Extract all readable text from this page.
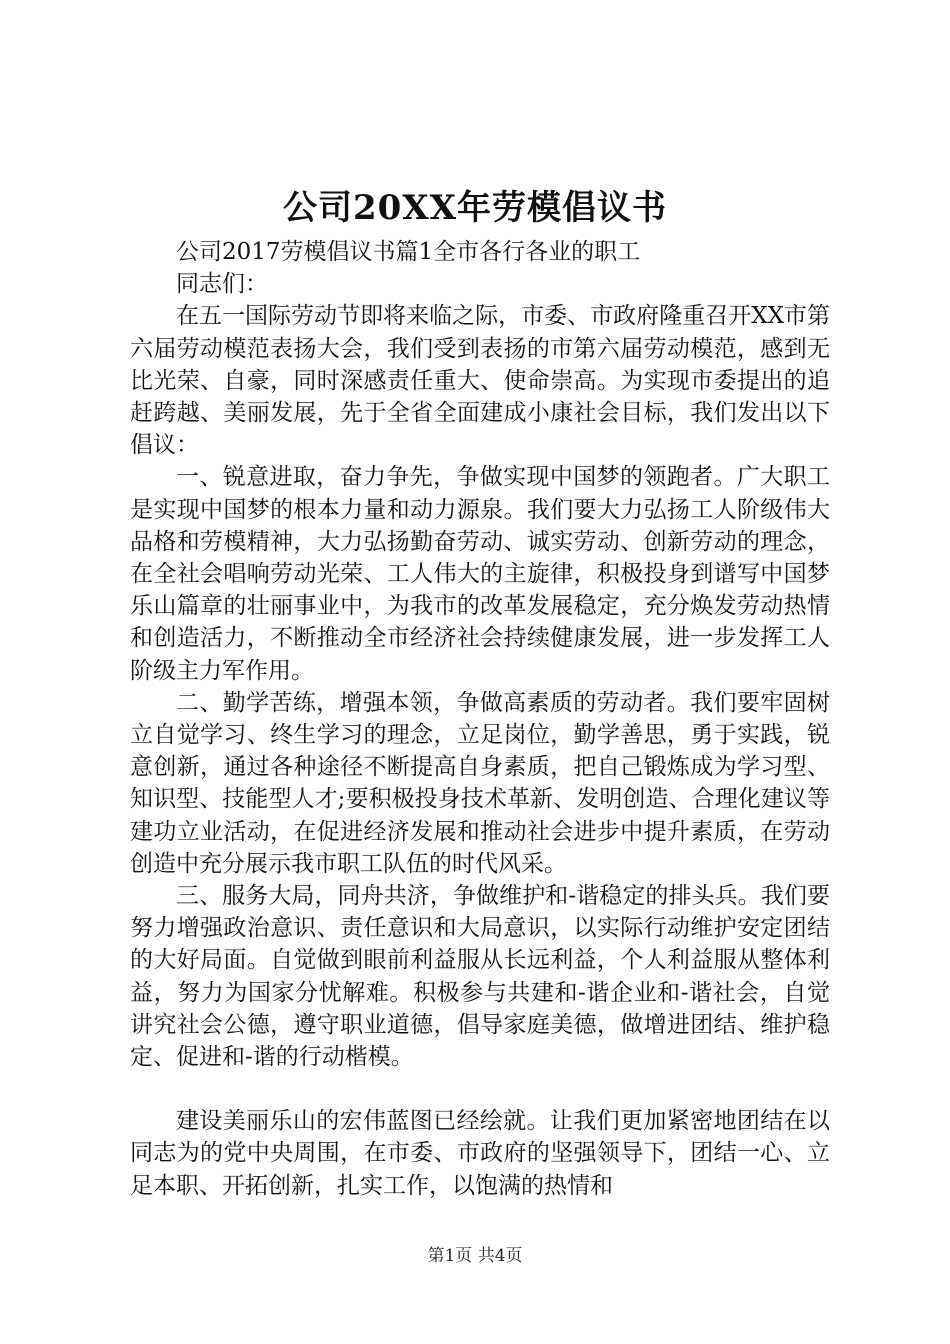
公司20XX年劳模倡议书

公司2017劳模倡议书篇1全市各行各业的职工

同志们：

在五一国际劳动节即将来临之际，市委、市政府隆重召开XX市第六届劳动模范表扬大会，我们受到表扬的市第六届劳动模范，感到无比光荣、自豪，同时深感责任重大、使命崇高。为实现市委提出的追赶跨越、美丽发展，先于全省全面建成小康社会目标，我们发出以下倡议：

一、锐意进取，奋力争先，争做实现中国梦的领跑者。广大职工是实现中国梦的根本力量和动力源泉。我们要大力弘扬工人阶级伟大品格和劳模精神，大力弘扬勤奋劳动、诚实劳动、创新劳动的理念，在全社会唱响劳动光荣、工人伟大的主旋律，积极投身到谱写中国梦乐山篇章的壮丽事业中，为我市的改革发展稳定，充分焕发劳动热情和创造活力，不断推动全市经济社会持续健康发展，进一步发挥工人阶级主力军作用。

二、勤学苦练，增强本领，争做高素质的劳动者。我们要牢固树立自觉学习、终生学习的理念，立足岗位，勤学善思，勇于实践，锐意创新，通过各种途径不断提高自身素质，把自己锻炼成为学习型、知识型、技能型人才;要积极投身技术革新、发明创造、合理化建议等建功立业活动，在促进经济发展和推动社会进步中提升素质，在劳动创造中充分展示我市职工队伍的时代风采。

三、服务大局，同舟共济，争做维护和-谐稳定的排头兵。我们要努力增强政治意识、责任意识和大局意识，以实际行动维护安定团结的大好局面。自觉做到眼前利益服从长远利益，个人利益服从整体利益，努力为国家分忧解难。积极参与共建和-谐企业和-谐社会，自觉讲究社会公德，遵守职业道德，倡导家庭美德，做增进团结、维护稳定、促进和-谐的行动楷模。

建设美丽乐山的宏伟蓝图已经绘就。让我们更加紧密地团结在以同志为的党中央周围，在市委、市政府的坚强领导下，团结一心、立足本职、开拓创新，扎实工作，以饱满的热情和

第1页 共4页
